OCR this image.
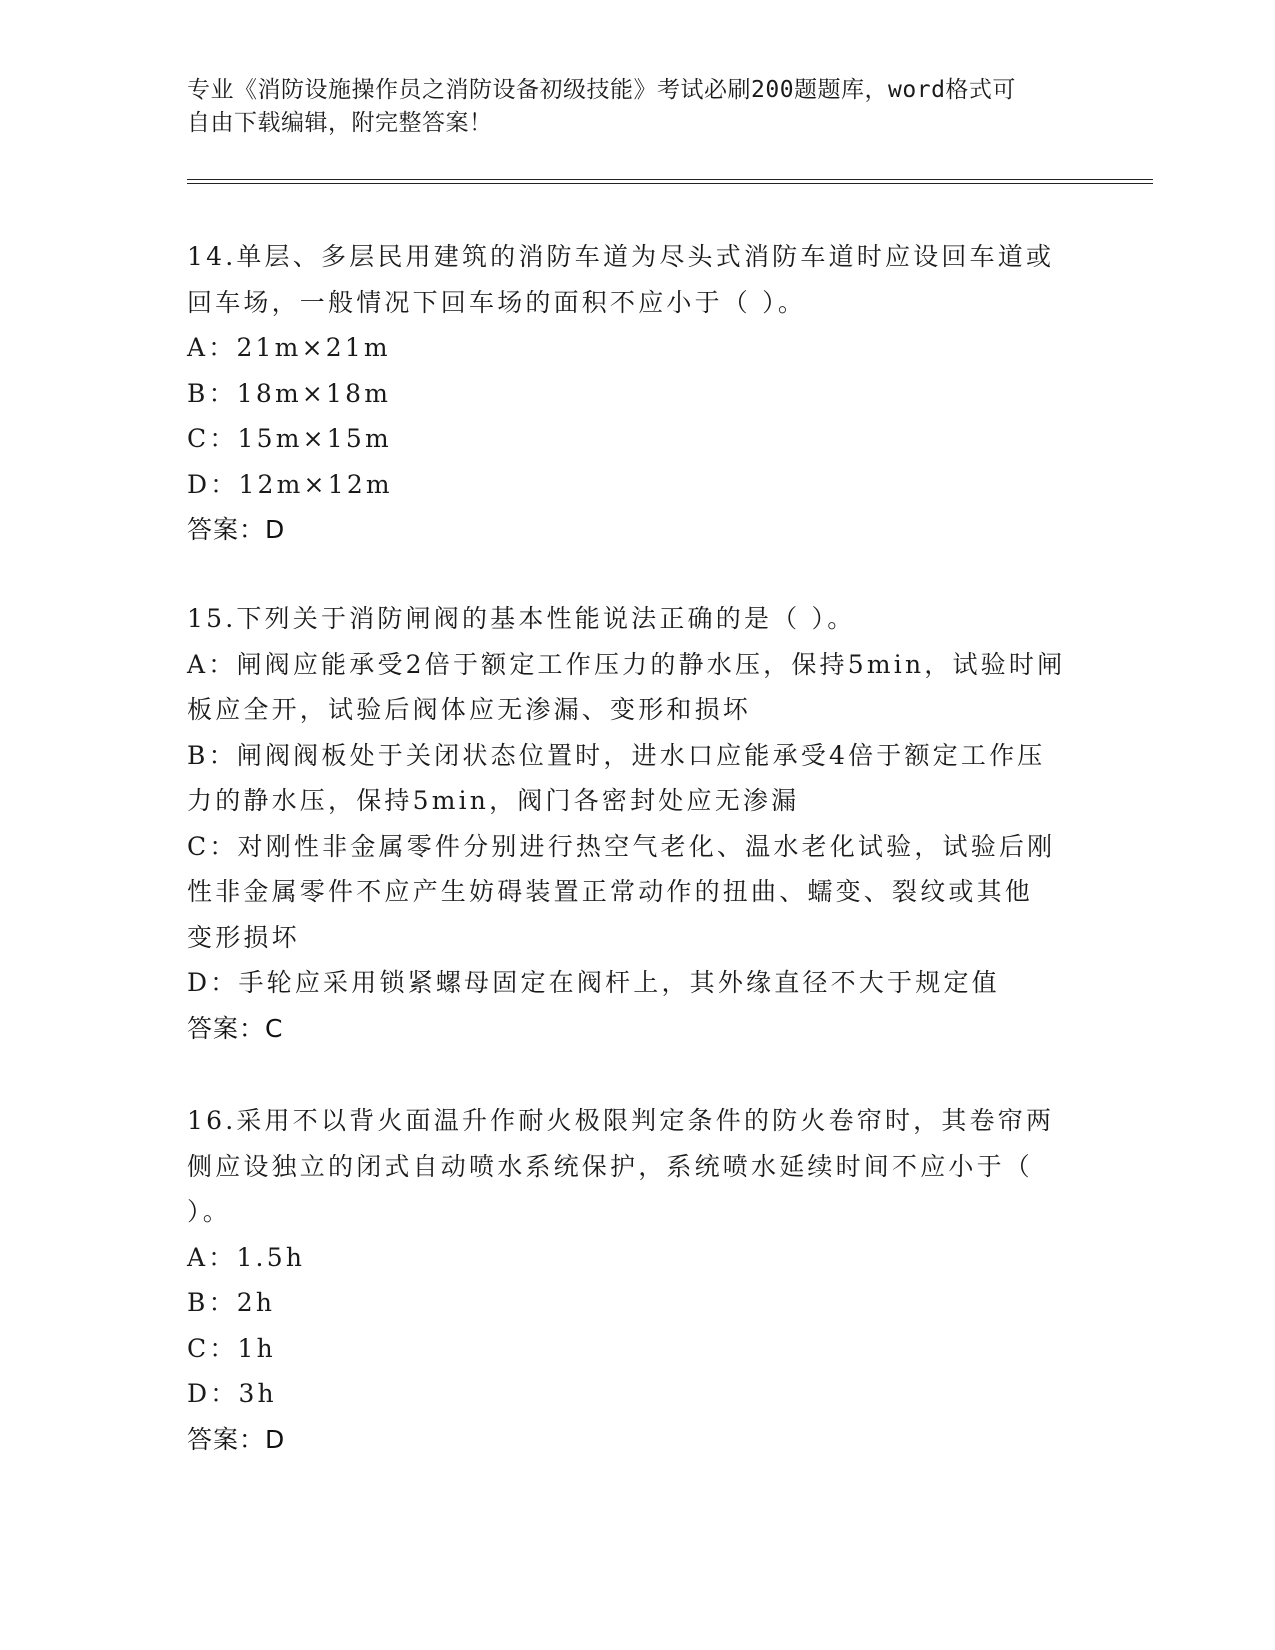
专业《消防设施操作员之消防设备初级技能》考试必刷200题题库，word格式可
自由下载编辑，附完整答案！
14.单层、多层民用建筑的消防车道为尽头式消防车道时应设回车道或
回车场，一般情况下回车场的面积不应小于（ ）。
A：21m×21m
B：18m×18m
C：15m×15m
D：12m×12m
答案：D
15.下列关于消防闸阀的基本性能说法正确的是（ ）。
A：闸阀应能承受2倍于额定工作压力的静水压，保持5min，试验时闸
板应全开，试验后阀体应无渗漏、变形和损坏
B：闸阀阀板处于关闭状态位置时，进水口应能承受4倍于额定工作压
力的静水压，保持5min，阀门各密封处应无渗漏
C：对刚性非金属零件分别进行热空气老化、温水老化试验，试验后刚
性非金属零件不应产生妨碍装置正常动作的扭曲、蠕变、裂纹或其他
变形损坏
D：手轮应采用锁紧螺母固定在阀杆上，其外缘直径不大于规定值
答案：C
16.采用不以背火面温升作耐火极限判定条件的防火卷帘时，其卷帘两
侧应设独立的闭式自动喷水系统保护，系统喷水延续时间不应小于（
）。
A：1.5h
B：2h
C：1h
D：3h
答案：D
